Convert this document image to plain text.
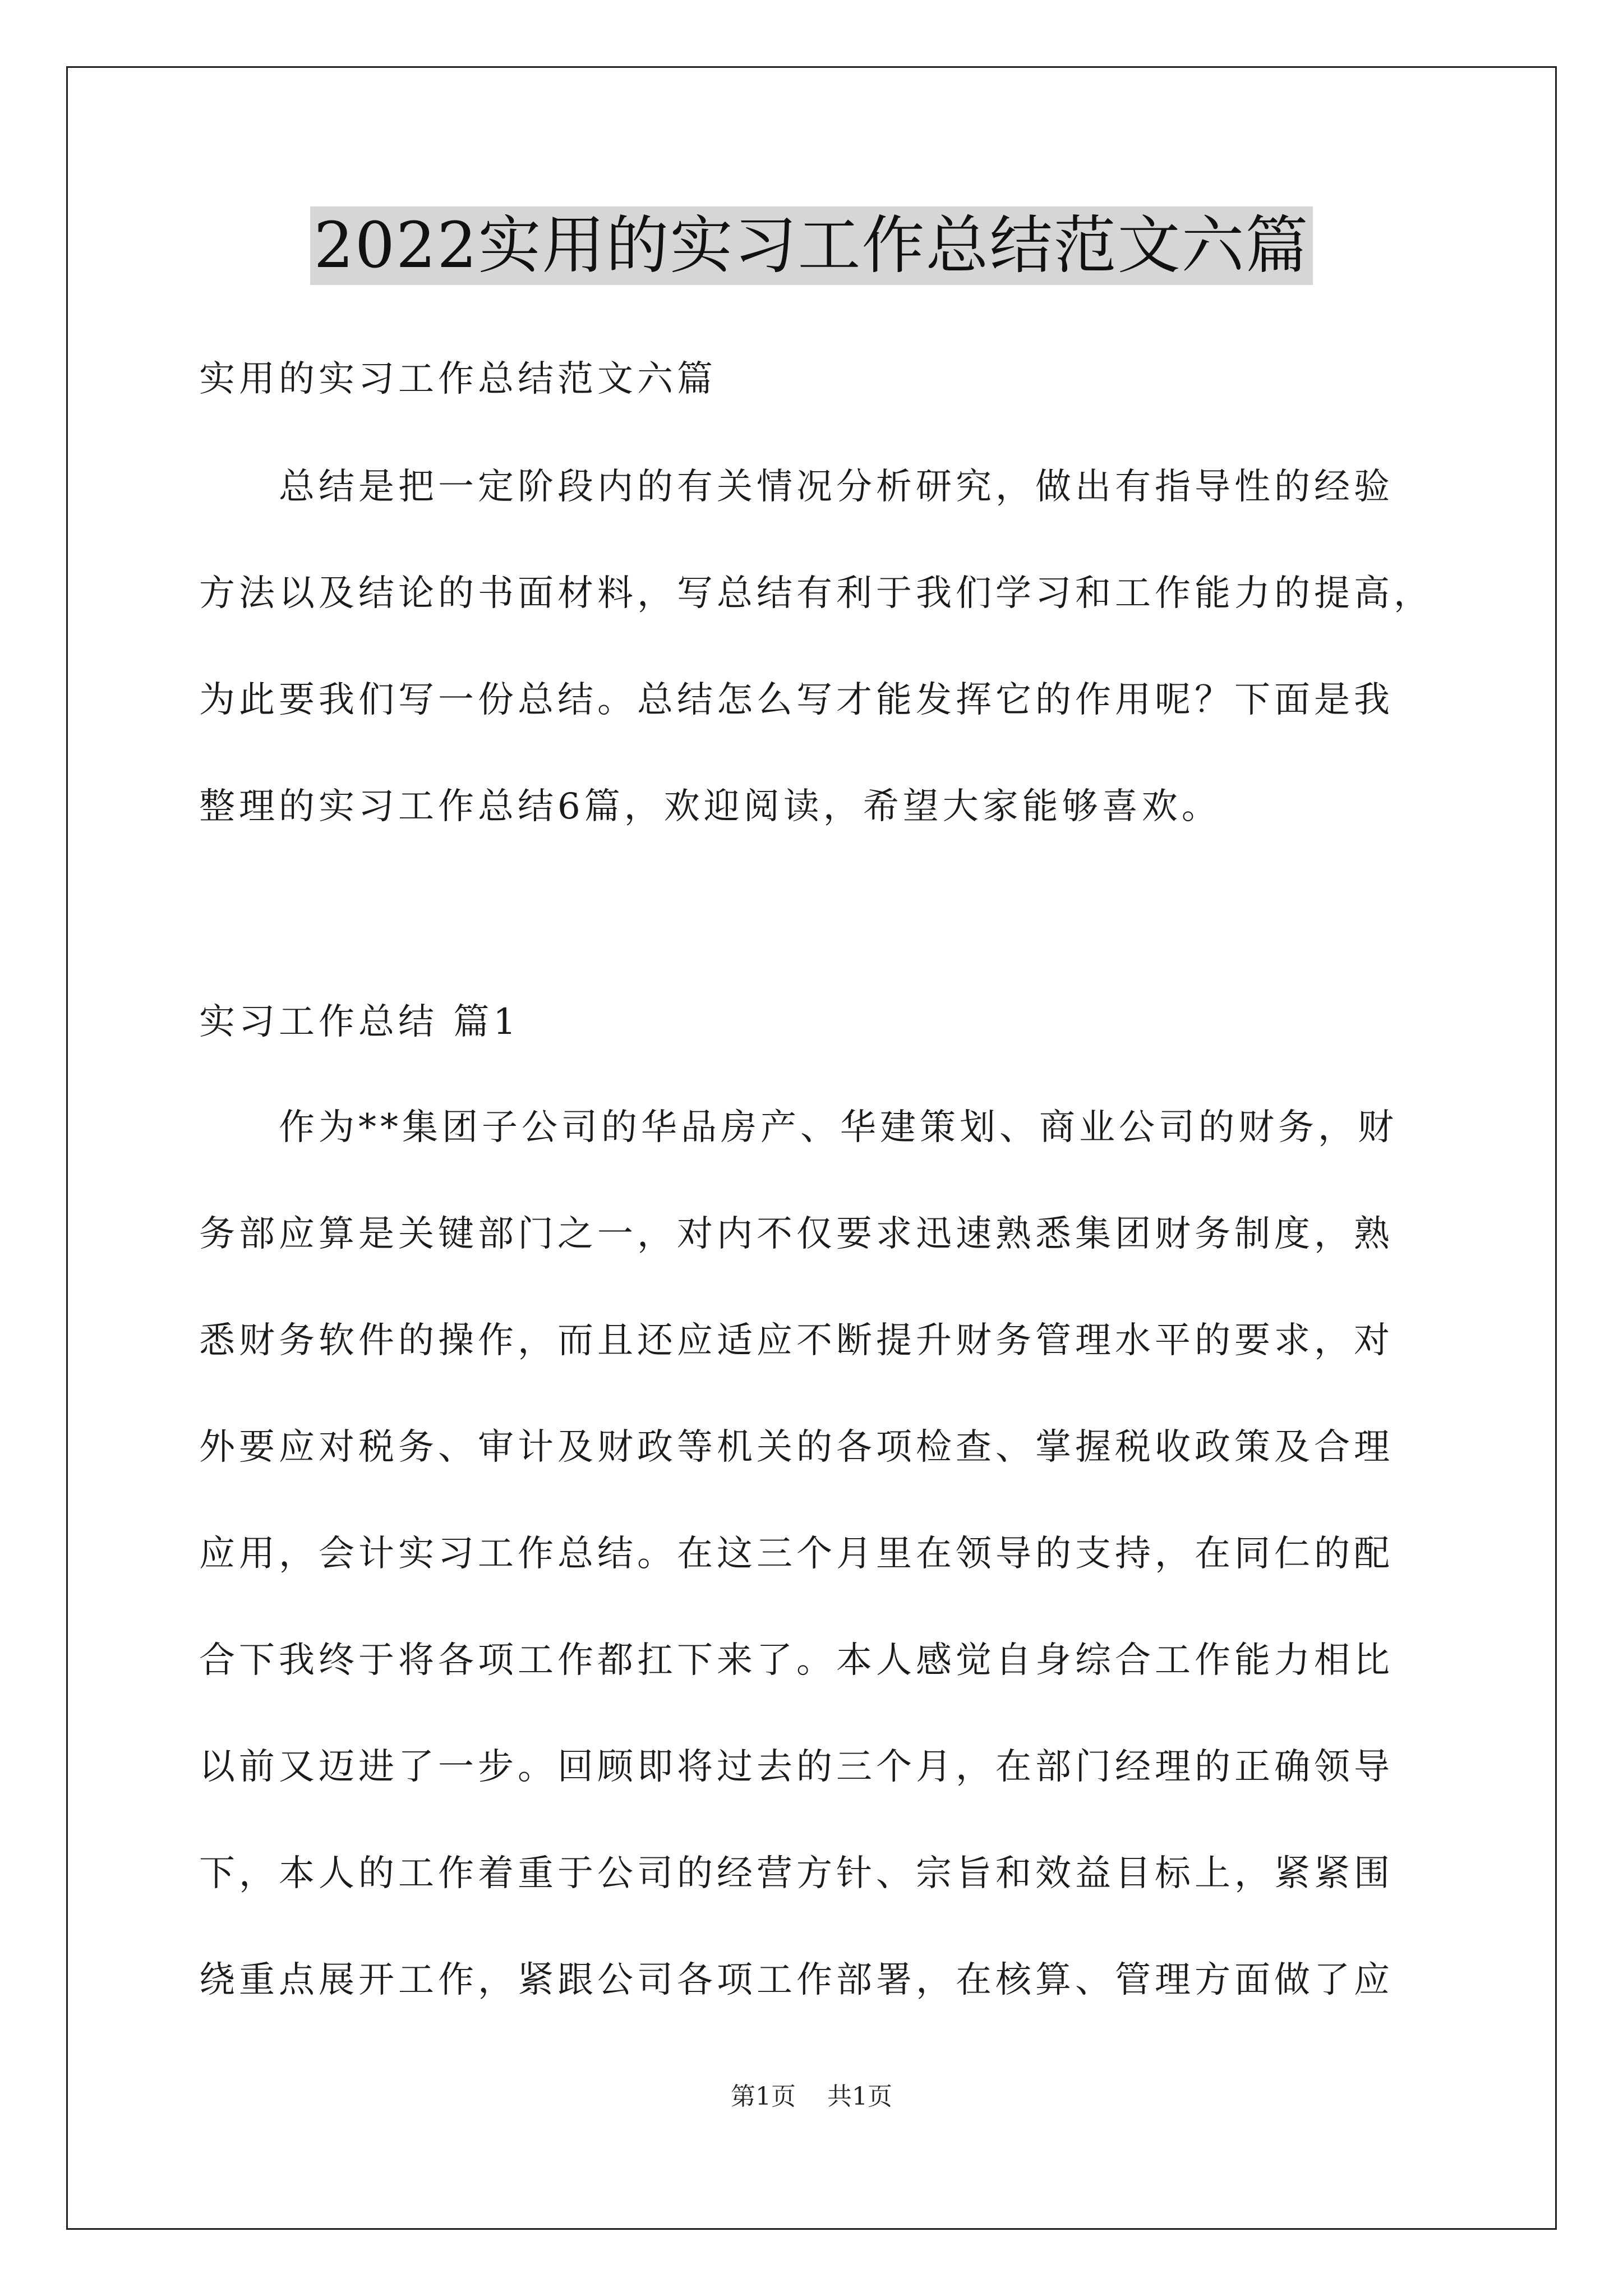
2022实用的实习工作总结范文六篇
实用的实习工作总结范文六篇
　　总结是把一定阶段内的有关情况分析研究，做出有指导性的经验
方法以及结论的书面材料，写总结有利于我们学习和工作能力的提高，
为此要我们写一份总结。总结怎么写才能发挥它的作用呢？下面是我
整理的实习工作总结6篇，欢迎阅读，希望大家能够喜欢。
实习工作总结 篇1
　　作为**集团子公司的华品房产、华建策划、商业公司的财务，财
务部应算是关键部门之一，对内不仅要求迅速熟悉集团财务制度，熟
悉财务软件的操作，而且还应适应不断提升财务管理水平的要求，对
外要应对税务、审计及财政等机关的各项检查、掌握税收政策及合理
应用，会计实习工作总结。在这三个月里在领导的支持，在同仁的配
合下我终于将各项工作都扛下来了。本人感觉自身综合工作能力相比
以前又迈进了一步。回顾即将过去的三个月，在部门经理的正确领导
下，本人的工作着重于公司的经营方针、宗旨和效益目标上，紧紧围
绕重点展开工作，紧跟公司各项工作部署，在核算、管理方面做了应
第1页 共1页
